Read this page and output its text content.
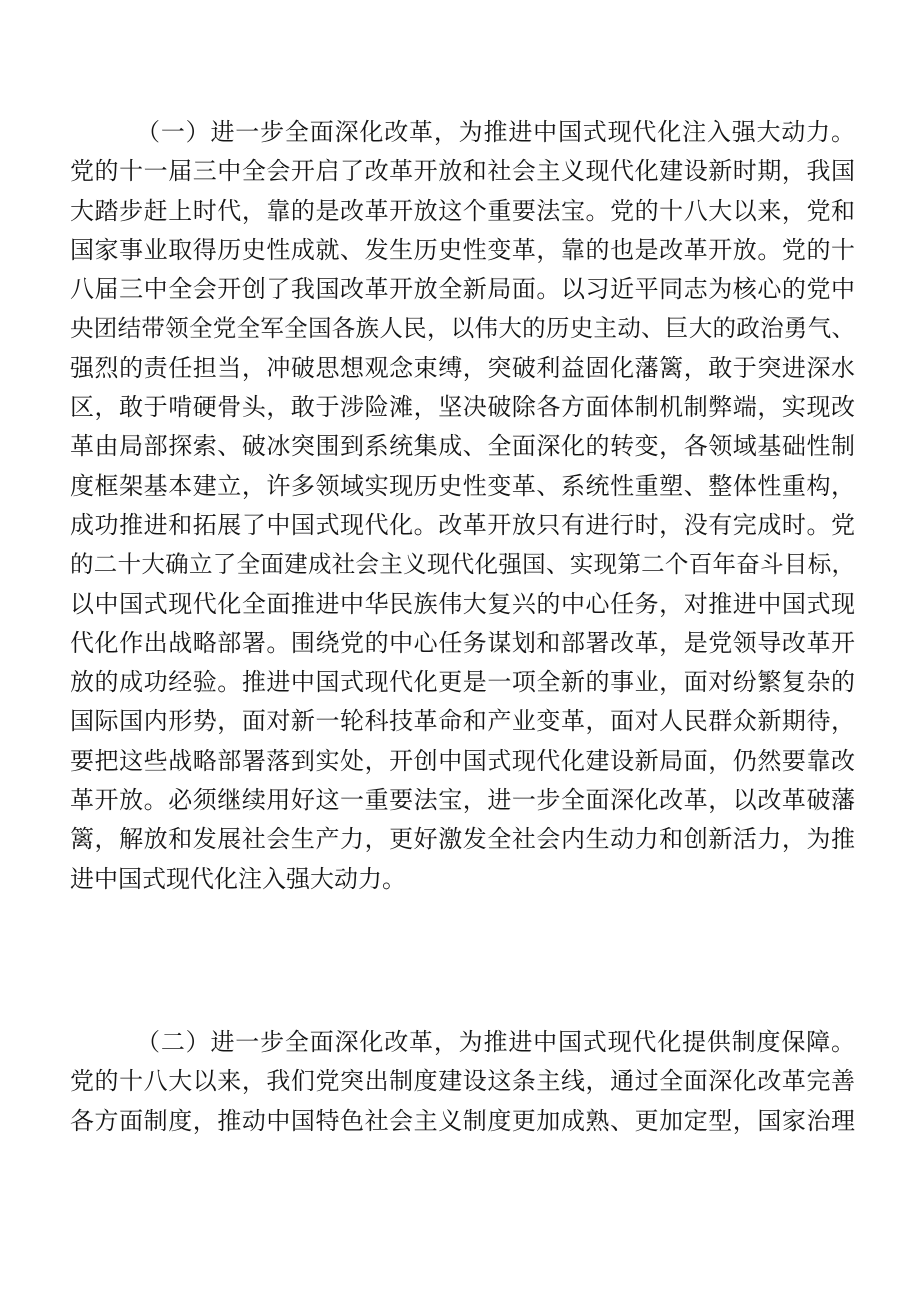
（一）进一步全面深化改革，为推进中国式现代化注入强大动力。
党的十一届三中全会开启了改革开放和社会主义现代化建设新时期，我国
大踏步赶上时代，靠的是改革开放这个重要法宝。党的十八大以来，党和
国家事业取得历史性成就、发生历史性变革，靠的也是改革开放。党的十
八届三中全会开创了我国改革开放全新局面。以习近平同志为核心的党中
央团结带领全党全军全国各族人民，以伟大的历史主动、巨大的政治勇气、
强烈的责任担当，冲破思想观念束缚，突破利益固化藩篱，敢于突进深水
区，敢于啃硬骨头，敢于涉险滩，坚决破除各方面体制机制弊端，实现改
革由局部探索、破冰突围到系统集成、全面深化的转变，各领域基础性制
度框架基本建立，许多领域实现历史性变革、系统性重塑、整体性重构，
成功推进和拓展了中国式现代化。改革开放只有进行时，没有完成时。党
的二十大确立了全面建成社会主义现代化强国、实现第二个百年奋斗目标，
以中国式现代化全面推进中华民族伟大复兴的中心任务，对推进中国式现
代化作出战略部署。围绕党的中心任务谋划和部署改革，是党领导改革开
放的成功经验。推进中国式现代化更是一项全新的事业，面对纷繁复杂的
国际国内形势，面对新一轮科技革命和产业变革，面对人民群众新期待，
要把这些战略部署落到实处，开创中国式现代化建设新局面，仍然要靠改
革开放。必须继续用好这一重要法宝，进一步全面深化改革，以改革破藩
篱，解放和发展社会生产力，更好激发全社会内生动力和创新活力，为推
进中国式现代化注入强大动力。
（二）进一步全面深化改革，为推进中国式现代化提供制度保障。
党的十八大以来，我们党突出制度建设这条主线，通过全面深化改革完善
各方面制度，推动中国特色社会主义制度更加成熟、更加定型，国家治理
